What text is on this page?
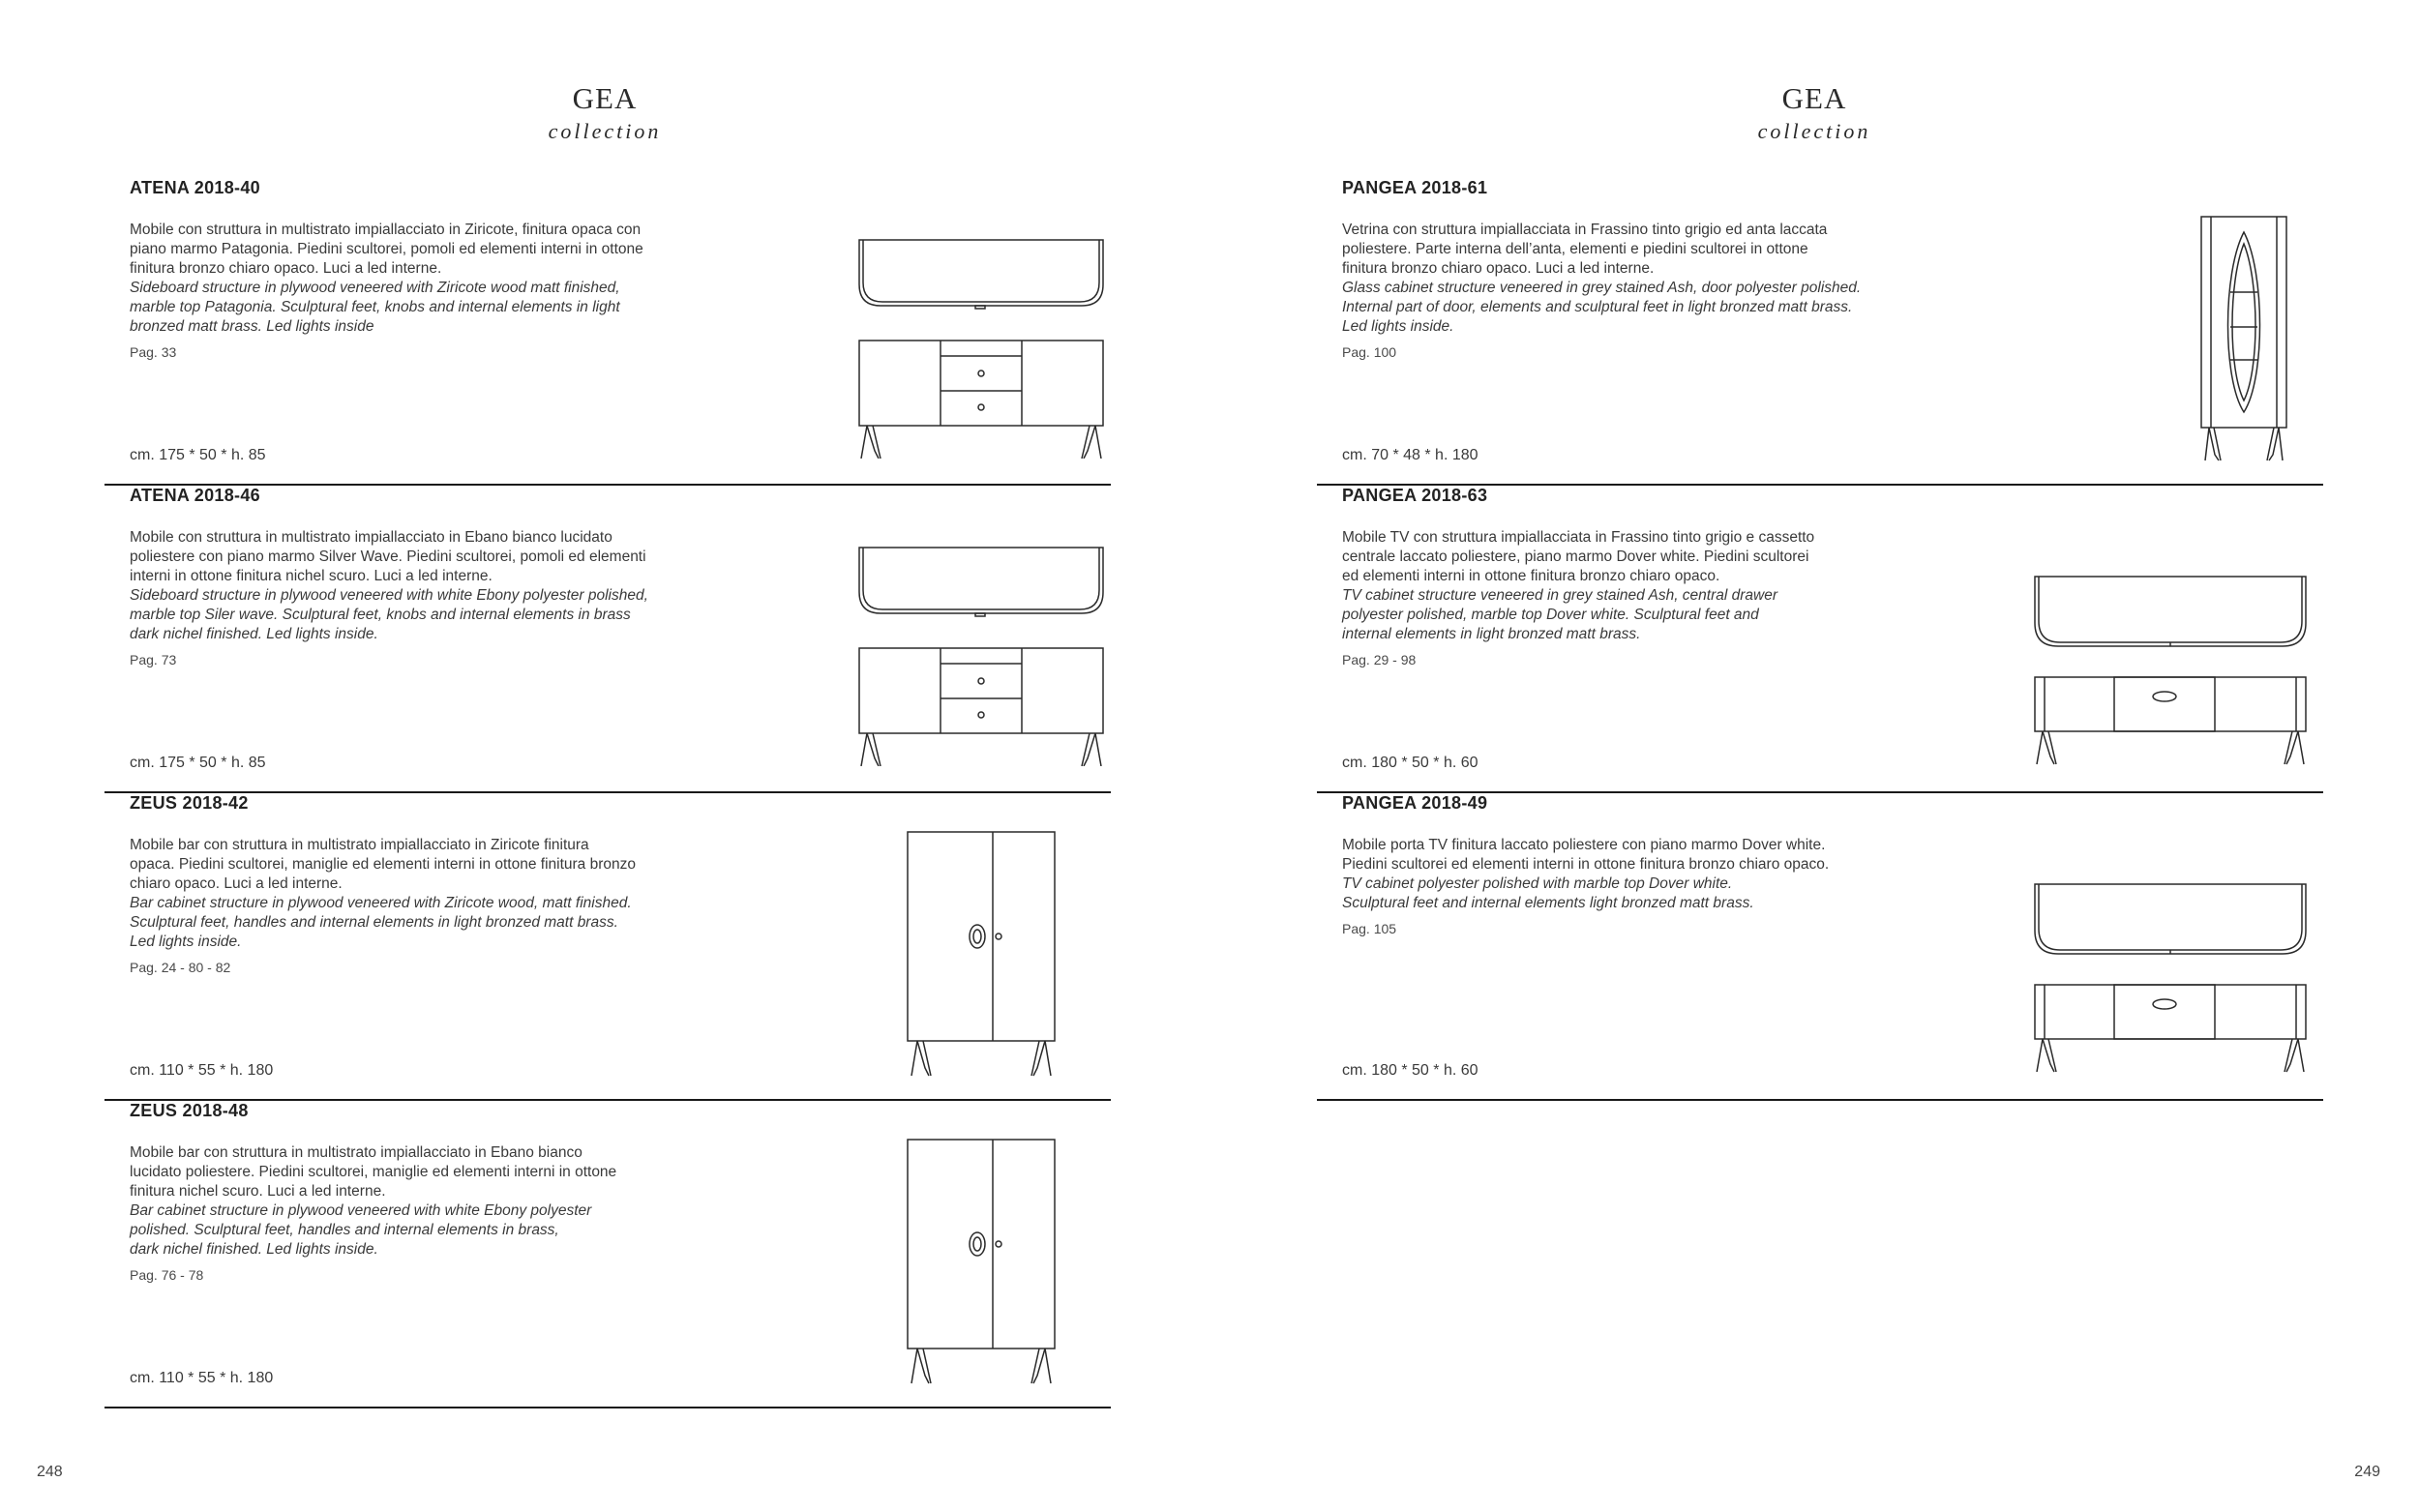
GEA
collection
ATENA 2018-40
Mobile con struttura in multistrato impiallacciato in Ziricote, finitura opaca con
piano marmo Patagonia. Piedini scultorei, pomoli ed elementi interni in ottone
finitura bronzo chiaro opaco. Luci a led interne.
Sideboard structure in plywood veneered with Ziricote wood matt finished,
marble top Patagonia. Sculptural feet, knobs and internal elements in light
bronzed matt brass. Led lights inside
Pag. 33
cm. 175 * 50 * h. 85
ATENA 2018-46
Mobile con struttura in multistrato impiallacciato in Ebano bianco lucidato
poliestere con piano marmo Silver Wave. Piedini scultorei, pomoli ed elementi
interni in ottone finitura nichel scuro. Luci a led interne.
Sideboard structure in plywood veneered with white Ebony polyester polished,
marble top Siler wave. Sculptural feet, knobs and internal elements in brass
dark nichel finished. Led lights inside.
Pag. 73
cm. 175 * 50 * h. 85
ZEUS 2018-42
Mobile bar con struttura in multistrato impiallacciato in Ziricote finitura
opaca. Piedini scultorei, maniglie ed elementi interni in ottone finitura bronzo
chiaro opaco. Luci a led interne.
Bar cabinet structure in plywood veneered with Ziricote wood, matt finished.
Sculptural feet, handles and internal elements in light bronzed matt brass.
Led lights inside.
Pag. 24 - 80 - 82
cm. 110 * 55 * h. 180
ZEUS 2018-48
Mobile bar con struttura in multistrato impiallacciato in Ebano bianco
lucidato poliestere. Piedini scultorei, maniglie ed elementi interni in ottone
finitura nichel scuro. Luci a led interne.
Bar cabinet structure in plywood veneered with white Ebony polyester
polished. Sculptural feet, handles and internal elements in brass,
dark nichel finished. Led lights inside.
Pag. 76 - 78
cm. 110 * 55 * h. 180
248
GEA
collection
PANGEA 2018-61
Vetrina con struttura impiallacciata in Frassino tinto grigio ed anta laccata
poliestere. Parte interna dell’anta, elementi e piedini scultorei in ottone
finitura bronzo chiaro opaco. Luci a led interne.
Glass cabinet structure veneered in grey stained Ash, door polyester polished.
Internal part of door, elements and sculptural feet in light bronzed matt brass.
Led lights inside.
Pag. 100
cm. 70 * 48 * h. 180
PANGEA 2018-63
Mobile TV con struttura impiallacciata in Frassino tinto grigio e cassetto
centrale laccato poliestere, piano marmo Dover white. Piedini scultorei
ed elementi interni in ottone finitura bronzo chiaro opaco.
TV cabinet structure veneered in grey stained Ash, central drawer
polyester polished, marble top Dover white. Sculptural feet and
internal elements in light bronzed matt brass.
Pag. 29 - 98
cm. 180 * 50 * h. 60
PANGEA 2018-49
Mobile porta TV finitura laccato poliestere con piano marmo Dover white.
Piedini scultorei ed elementi interni in ottone finitura bronzo chiaro opaco.
TV cabinet polyester polished with marble top Dover white.
Sculptural feet and internal elements light bronzed matt brass.
Pag. 105
cm. 180 * 50 * h. 60
249
